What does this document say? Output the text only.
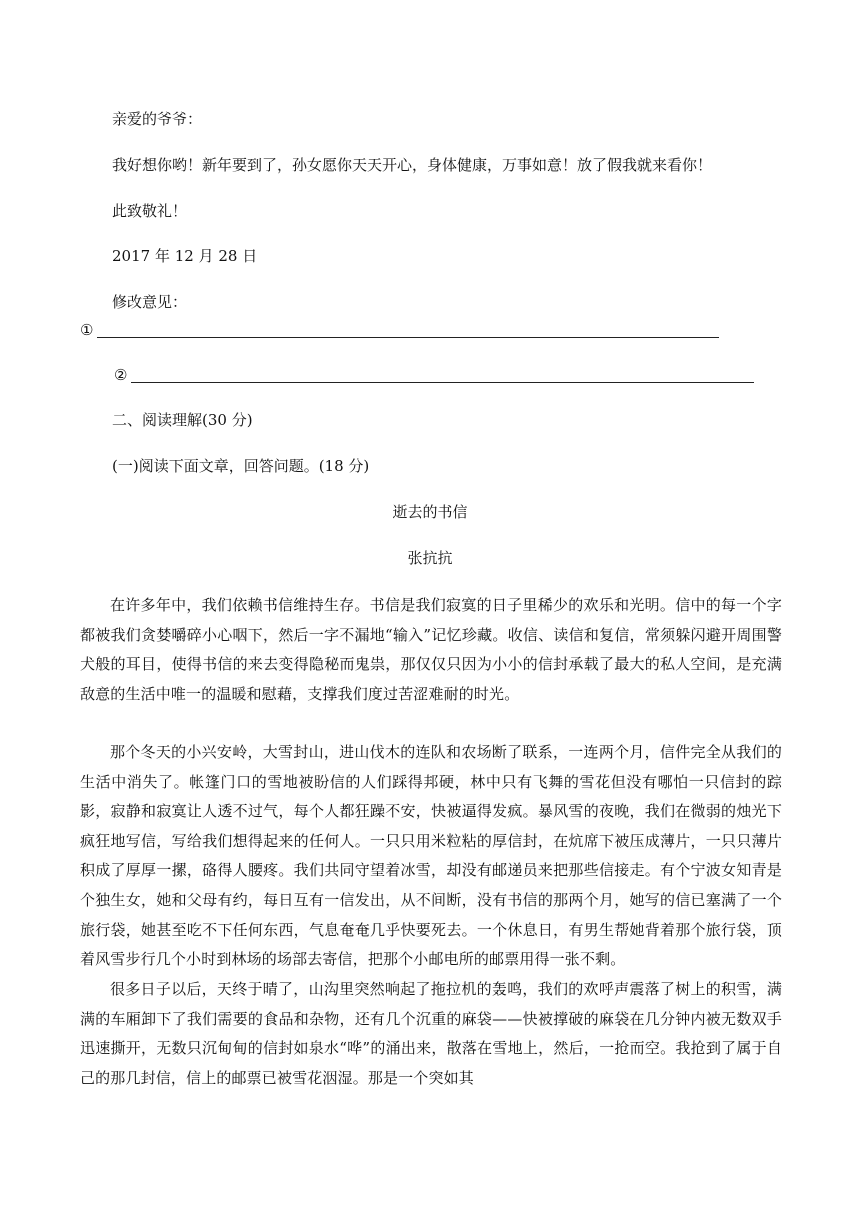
亲爱的爷爷：
我好想你哟！新年要到了，孙女愿你天天开心，身体健康，万事如意！放了假我就来看你！
此致敬礼！
2017 年 12 月 28 日
修改意见：
①
②
二、阅读理解(30 分)
(一)阅读下面文章，回答问题。(18 分)
逝去的书信
张抗抗
在许多年中，我们依赖书信维持生存。书信是我们寂寞的日子里稀少的欢乐和光明。信中的每一个字都被我们贪婪嚼碎小心咽下，然后一字不漏地“输入”记忆珍藏。收信、读信和复信，常须躲闪避开周围警犬般的耳目，使得书信的来去变得隐秘而鬼祟，那仅仅只因为小小的信封承载了最大的私人空间，是充满敌意的生活中唯一的温暖和慰藉，支撑我们度过苦涩难耐的时光。
那个冬天的小兴安岭，大雪封山，进山伐木的连队和农场断了联系，一连两个月，信件完全从我们的生活中消失了。帐篷门口的雪地被盼信的人们踩得邦硬，林中只有飞舞的雪花但没有哪怕一只信封的踪影，寂静和寂寞让人透不过气，每个人都狂躁不安，快被逼得发疯。暴风雪的夜晚，我们在微弱的烛光下疯狂地写信，写给我们想得起来的任何人。一只只用米粒粘的厚信封，在炕席下被压成薄片，一只只薄片积成了厚厚一摞，硌得人腰疼。我们共同守望着冰雪，却没有邮递员来把那些信接走。有个宁波女知青是个独生女，她和父母有约，每日互有一信发出，从不间断，没有书信的那两个月，她写的信已塞满了一个旅行袋，她甚至吃不下任何东西，气息奄奄几乎快要死去。一个休息日，有男生帮她背着那个旅行袋，顶着风雪步行几个小时到林场的场部去寄信，把那个小邮电所的邮票用得一张不剩。
很多日子以后，天终于晴了，山沟里突然响起了拖拉机的轰鸣，我们的欢呼声震落了树上的积雪，满满的车厢卸下了我们需要的食品和杂物，还有几个沉重的麻袋——快被撑破的麻袋在几分钟内被无数双手迅速撕开，无数只沉甸甸的信封如泉水“哗”的涌出来，散落在雪地上，然后，一抢而空。我抢到了属于自己的那几封信，信上的邮票已被雪花洇湿。那是一个突如其
